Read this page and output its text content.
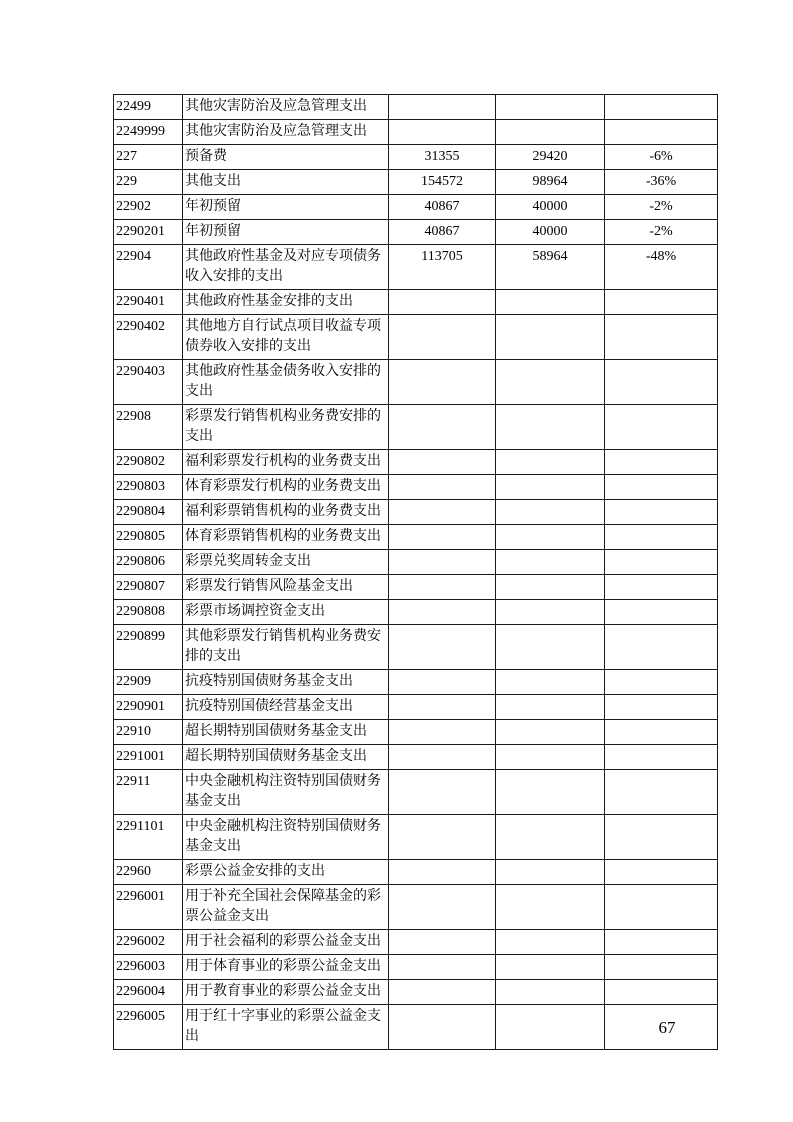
22499	其他灾害防治及应急管理支出			
2249999	其他灾害防治及应急管理支出			
227	预备费	31355	29420	-6%
229	其他支出	154572	98964	-36%
22902	年初预留	40867	40000	-2%
2290201	年初预留	40867	40000	-2%
22904	其他政府性基金及对应专项债务收入安排的支出	113705	58964	-48%
2290401	其他政府性基金安排的支出			
2290402	其他地方自行试点项目收益专项债券收入安排的支出			
2290403	其他政府性基金债务收入安排的支出			
22908	彩票发行销售机构业务费安排的支出			
2290802	福利彩票发行机构的业务费支出			
2290803	体育彩票发行机构的业务费支出			
2290804	福利彩票销售机构的业务费支出			
2290805	体育彩票销售机构的业务费支出			
2290806	彩票兑奖周转金支出			
2290807	彩票发行销售风险基金支出			
2290808	彩票市场调控资金支出			
2290899	其他彩票发行销售机构业务费安排的支出			
22909	抗疫特别国债财务基金支出			
2290901	抗疫特别国债经营基金支出			
22910	超长期特别国债财务基金支出			
2291001	超长期特别国债财务基金支出			
22911	中央金融机构注资特别国债财务基金支出			
2291101	中央金融机构注资特别国债财务基金支出			
22960	彩票公益金安排的支出			
2296001	用于补充全国社会保障基金的彩票公益金支出			
2296002	用于社会福利的彩票公益金支出			
2296003	用于体育事业的彩票公益金支出			
2296004	用于教育事业的彩票公益金支出			
2296005	用于红十字事业的彩票公益金支出				67
